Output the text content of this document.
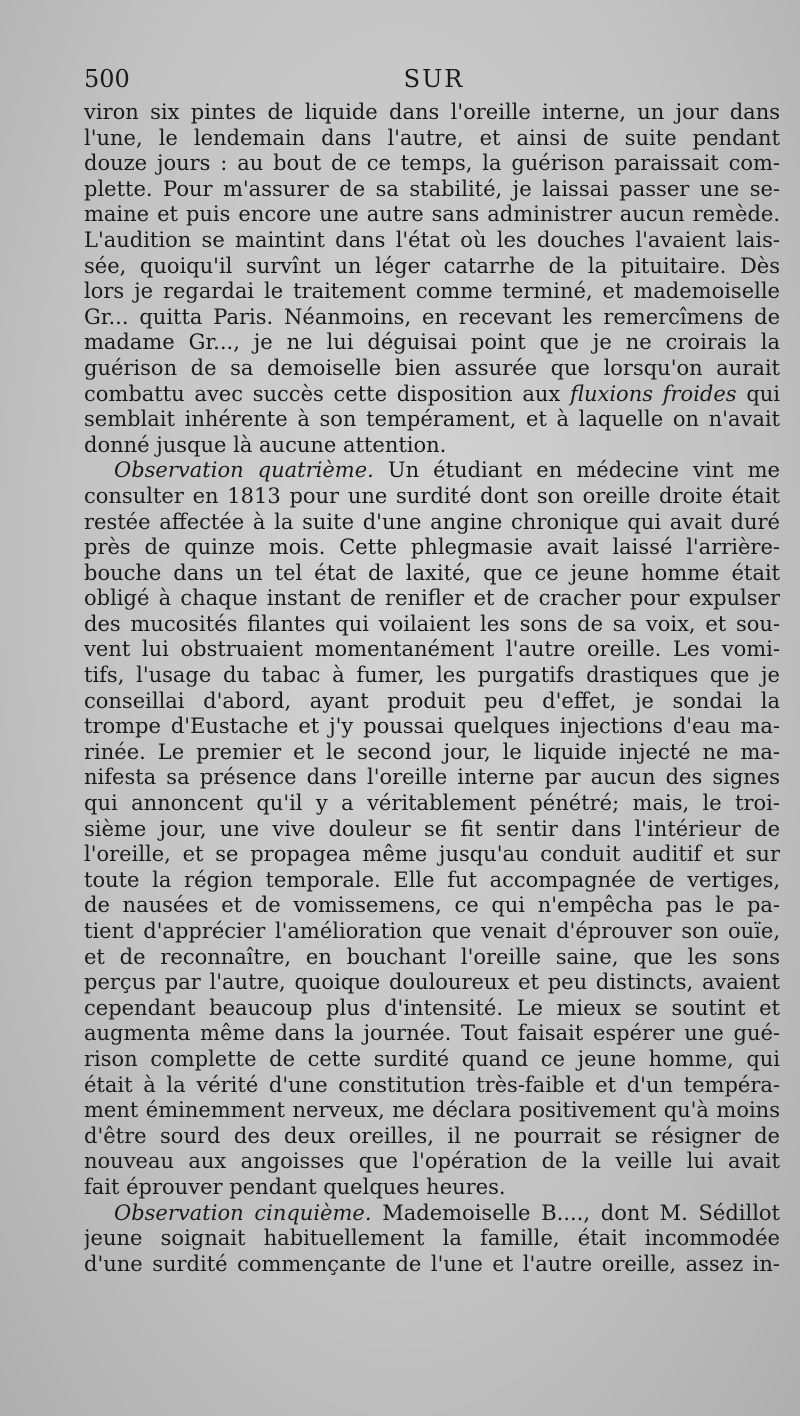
500	SUR
viron six pintes de liquide dans l'oreille interne, un jour dans
l'une, le lendemain dans l'autre, et ainsi de suite pendant
douze jours : au bout de ce temps, la guérison paraissait com-
plette. Pour m'assurer de sa stabilité, je laissai passer une se-
maine et puis encore une autre sans administrer aucun remède.
L'audition se maintint dans l'état où les douches l'avaient lais-
sée, quoiqu'il survînt un léger catarrhe de la pituitaire. Dès
lors je regardai le traitement comme terminé, et mademoiselle
Gr... quitta Paris. Néanmoins, en recevant les remercîmens de
madame Gr..., je ne lui déguisai point que je ne croirais la
guérison de sa demoiselle bien assurée que lorsqu'on aurait
combattu avec succès cette disposition aux fluxions froides qui
semblait inhérente à son tempérament, et à laquelle on n'avait
donné jusque là aucune attention.
Observation quatrième. Un étudiant en médecine vint me
consulter en 1813 pour une surdité dont son oreille droite était
restée affectée à la suite d'une angine chronique qui avait duré
près de quinze mois. Cette phlegmasie avait laissé l'arrière-
bouche dans un tel état de laxité, que ce jeune homme était
obligé à chaque instant de renifler et de cracher pour expulser
des mucosités filantes qui voilaient les sons de sa voix, et sou-
vent lui obstruaient momentanément l'autre oreille. Les vomi-
tifs, l'usage du tabac à fumer, les purgatifs drastiques que je
conseillai d'abord, ayant produit peu d'effet, je sondai la
trompe d'Eustache et j'y poussai quelques injections d'eau ma-
rinée. Le premier et le second jour, le liquide injecté ne ma-
nifesta sa présence dans l'oreille interne par aucun des signes
qui annoncent qu'il y a véritablement pénétré; mais, le troi-
sième jour, une vive douleur se fit sentir dans l'intérieur de
l'oreille, et se propagea même jusqu'au conduit auditif et sur
toute la région temporale. Elle fut accompagnée de vertiges,
de nausées et de vomissemens, ce qui n'empêcha pas le pa-
tient d'apprécier l'amélioration que venait d'éprouver son ouïe,
et de reconnaître, en bouchant l'oreille saine, que les sons
perçus par l'autre, quoique douloureux et peu distincts, avaient
cependant beaucoup plus d'intensité. Le mieux se soutint et
augmenta même dans la journée. Tout faisait espérer une gué-
rison complette de cette surdité quand ce jeune homme, qui
était à la vérité d'une constitution très-faible et d'un tempéra-
ment éminemment nerveux, me déclara positivement qu'à moins
d'être sourd des deux oreilles, il ne pourrait se résigner de
nouveau aux angoisses que l'opération de la veille lui avait
fait éprouver pendant quelques heures.
Observation cinquième. Mademoiselle B...., dont M. Sédillot
jeune soignait habituellement la famille, était incommodée
d'une surdité commençante de l'une et l'autre oreille, assez in-
